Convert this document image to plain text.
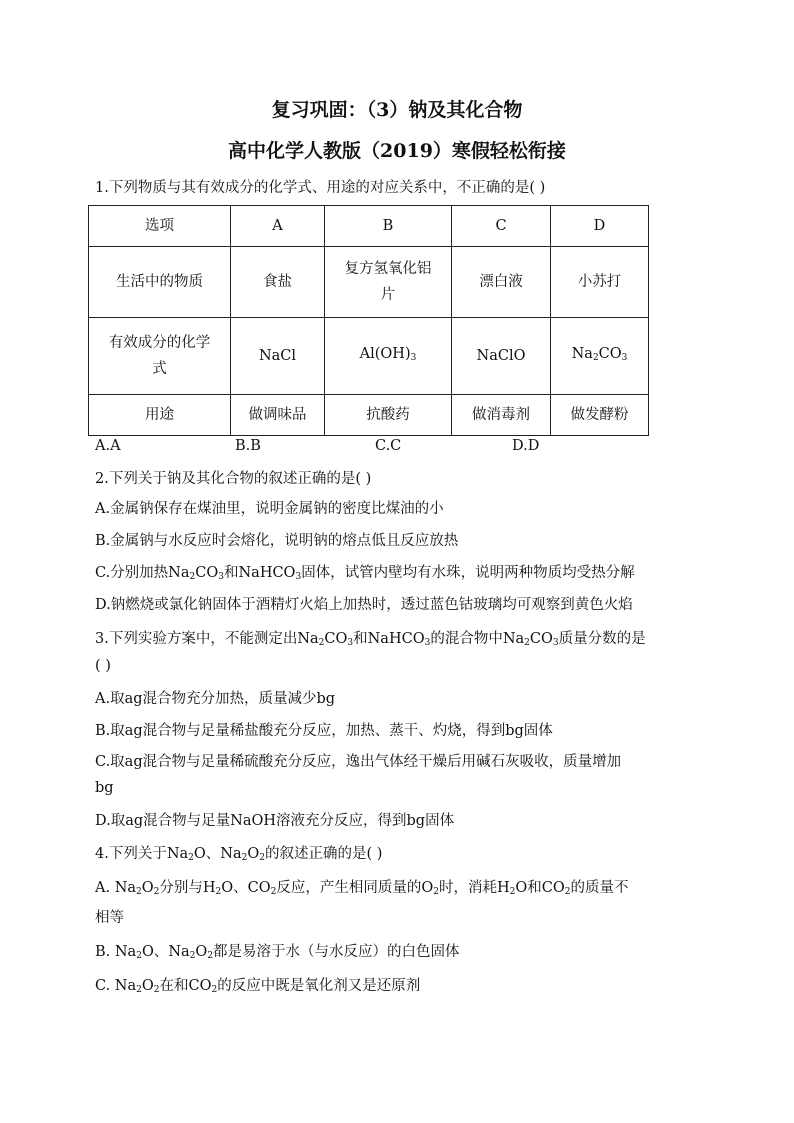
复习巩固：（3）钠及其化合物
高中化学人教版（2019）寒假轻松衔接
1.下列物质与其有效成分的化学式、用途的对应关系中，不正确的是( )
选项	A	B	C	D
生活中的物质	食盐	复方氢氧化铝片	漂白液	小苏打
有效成分的化学式	NaCl	$Al(OH)_3$	NaClO	$Na_2CO_3$
用途	做调味品	抗酸药	做消毒剂	做发酵粉
A.A	B.B	C.C	D.D
2.下列关于钠及其化合物的叙述正确的是( )
A.金属钠保存在煤油里，说明金属钠的密度比煤油的小
B.金属钠与水反应时会熔化，说明钠的熔点低且反应放热
C.分别加热$Na_2CO_3$和NaHCO$_3$固体，试管内壁均有水珠，说明两种物质均受热分解
D.钠燃烧或氯化钠固体于酒精灯火焰上加热时，透过蓝色钴玻璃均可观察到黄色火焰
3.下列实验方案中，不能测定出$Na_2CO_3$和NaHCO$_3$的混合物中$Na_2CO_3$质量分数的是
( )
A.取ag混合物充分加热，质量减少bg
B.取ag混合物与足量稀盐酸充分反应，加热、蒸干、灼烧，得到bg固体
C.取ag混合物与足量稀硫酸充分反应，逸出气体经干燥后用碱石灰吸收，质量增加
bg
D.取ag混合物与足量NaOH溶液充分反应，得到bg固体
4.下列关于$Na_2O$、$Na_2O_2$的叙述正确的是( )
A. $Na_2O_2$分别与$H_2O$、$CO_2$反应，产生相同质量的$O_2$时，消耗$H_2O$和$CO_2$的质量不
相等
B. $Na_2O$、$Na_2O_2$都是易溶于水（与水反应）的白色固体
C. $Na_2O_2$在和$CO_2$的反应中既是氧化剂又是还原剂
